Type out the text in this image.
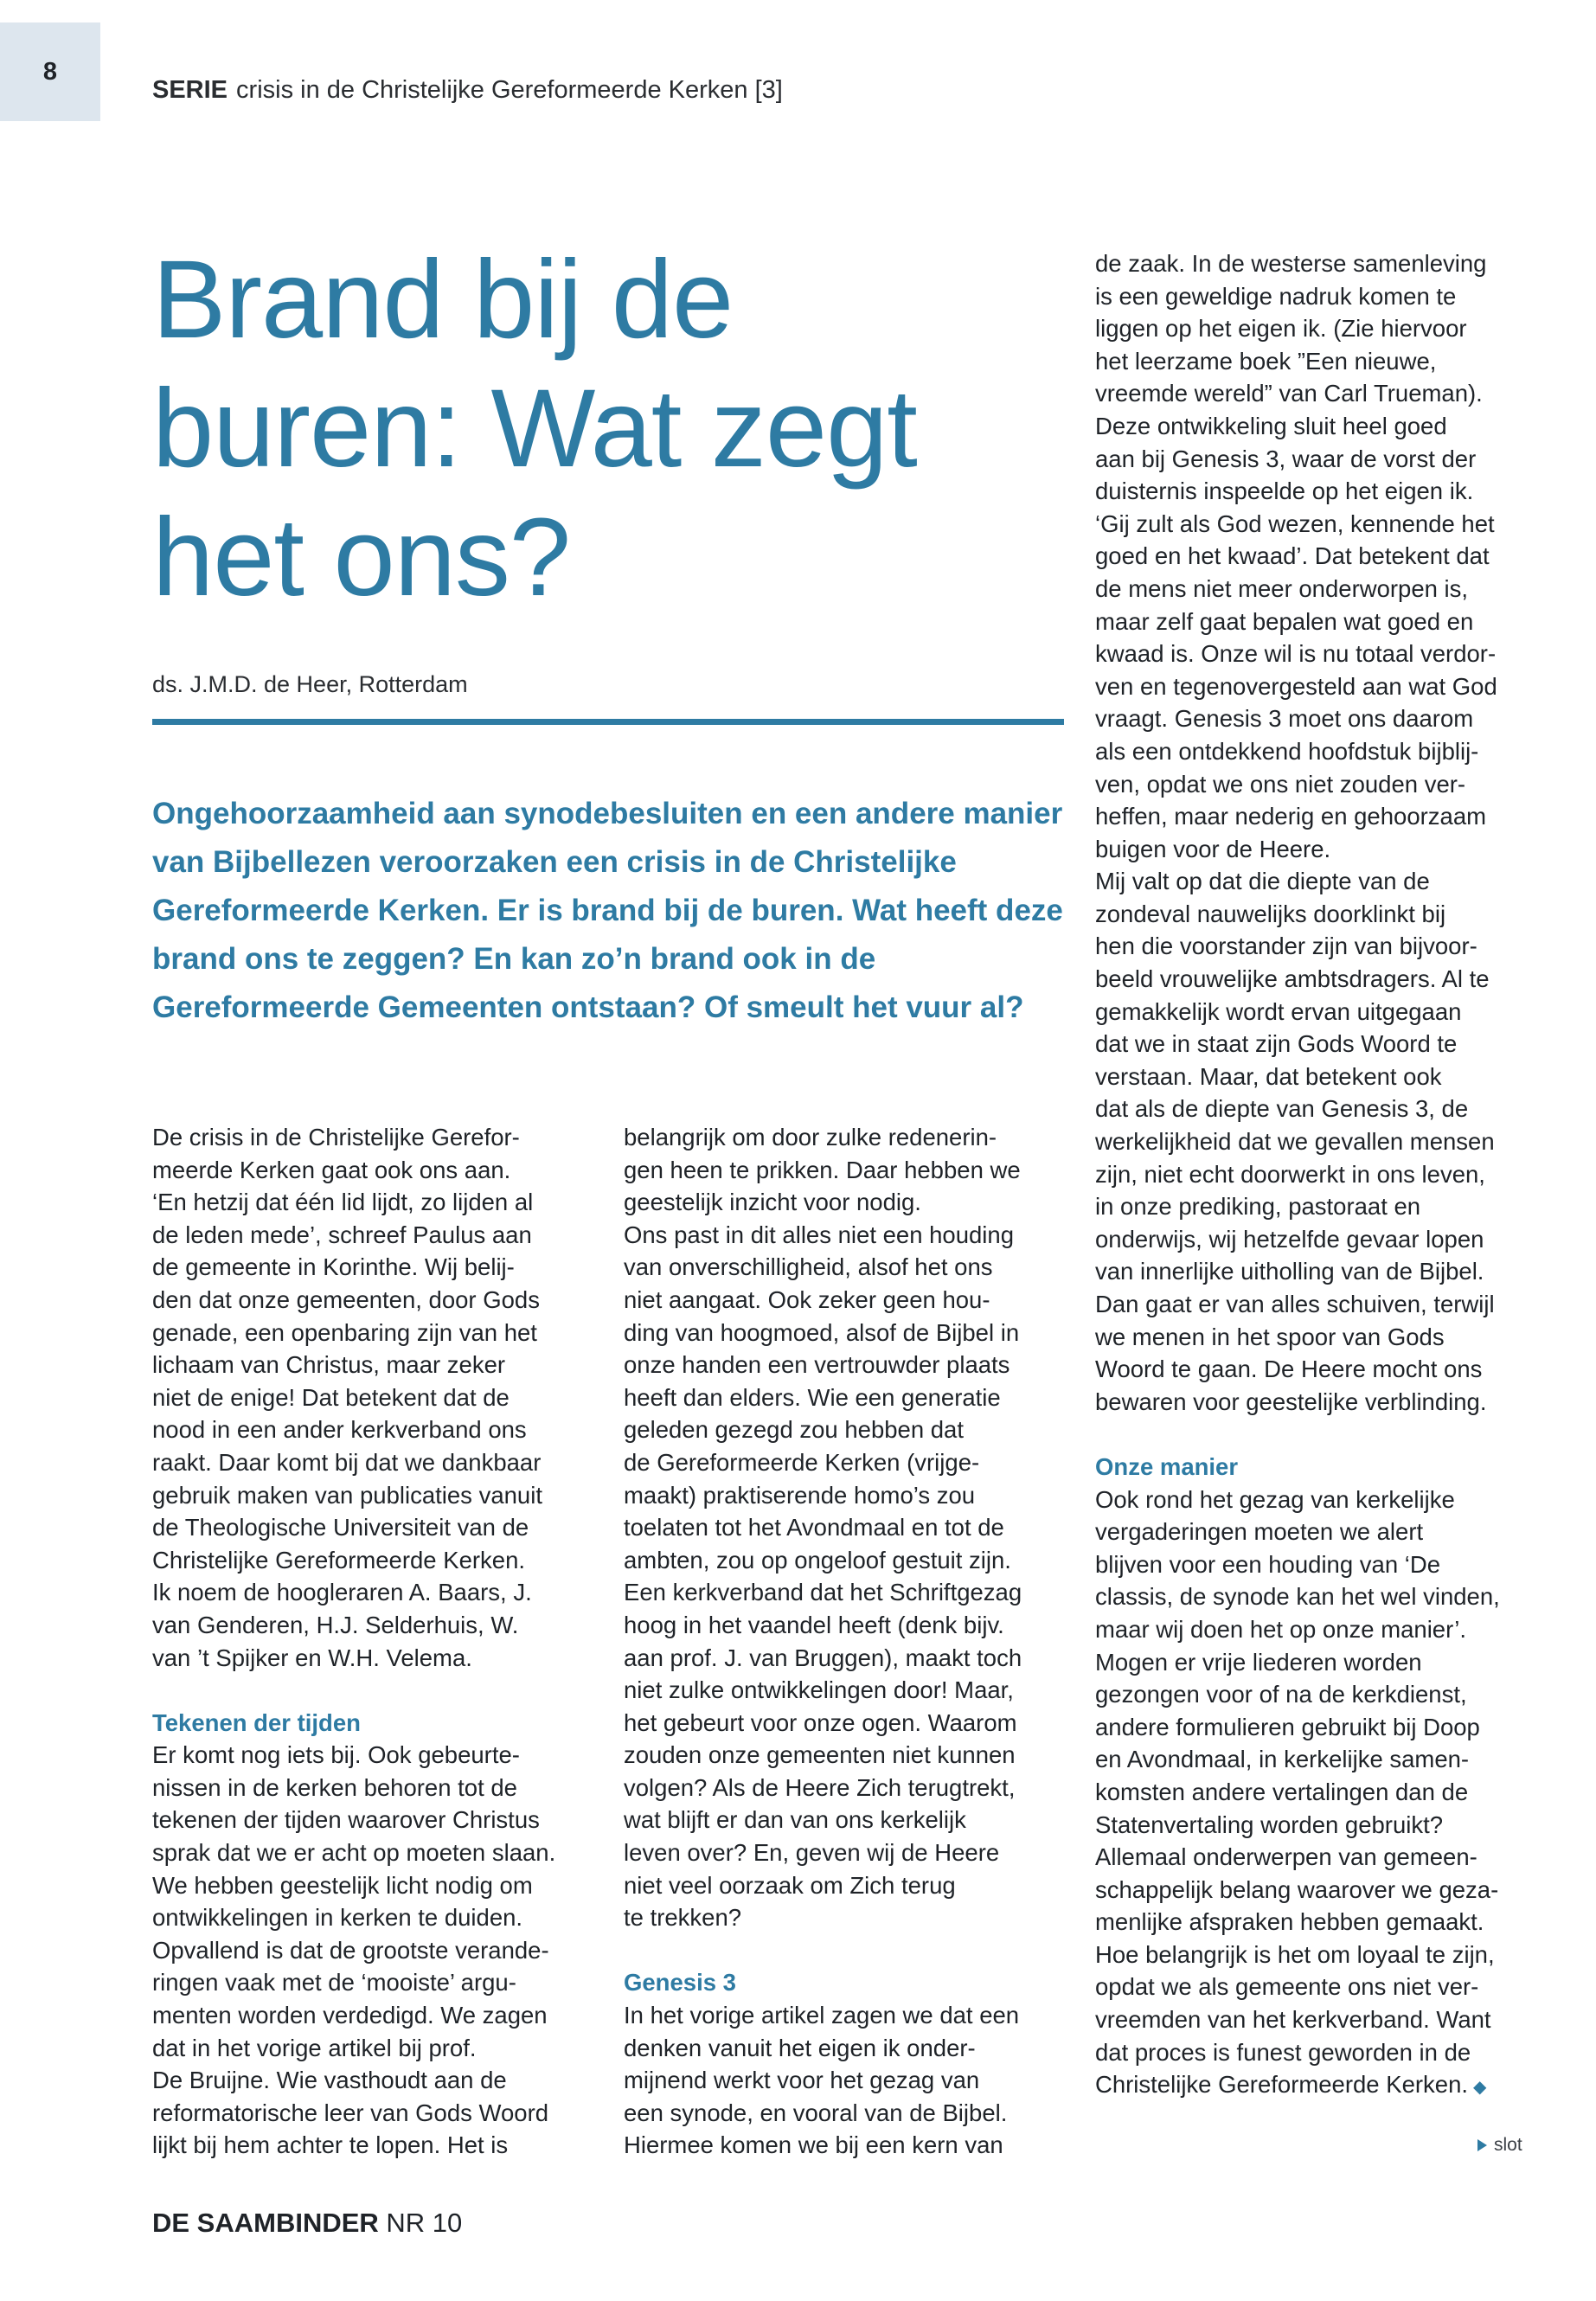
8
SERIE crisis in de Christelijke Gereformeerde Kerken [3]
Brand bij de buren: Wat zegt het ons?
ds. J.M.D. de Heer, Rotterdam

Ongehoorzaamheid aan synodebesluiten en een andere manier van Bijbellezen veroorzaken een crisis in de Christelijke Gereformeerde Kerken. Er is brand bij de buren. Wat heeft deze brand ons te zeggen? En kan zo’n brand ook in de Gereformeerde Gemeenten ontstaan? Of smeult het vuur al?

De crisis in de Christelijke Gerefor-
meerde Kerken gaat ook ons aan.
‘En hetzij dat één lid lijdt, zo lijden al
de leden mede’, schreef Paulus aan
de gemeente in Korinthe. Wij belij-
den dat onze gemeenten, door Gods
genade, een openbaring zijn van het
lichaam van Christus, maar zeker
niet de enige! Dat betekent dat de
nood in een ander kerkverband ons
raakt. Daar komt bij dat we dankbaar
gebruik maken van publicaties vanuit
de Theologische Universiteit van de
Christelijke Gereformeerde Kerken.
Ik noem de hoogleraren A. Baars, J.
van Genderen, H.J. Selderhuis, W.
van ’t Spijker en W.H. Velema.

Tekenen der tijden

Er komt nog iets bij. Ook gebeurte-
nissen in de kerken behoren tot de
tekenen der tijden waarover Christus
sprak dat we er acht op moeten slaan.
We hebben geestelijk licht nodig om
ontwikkelingen in kerken te duiden.
Opvallend is dat de grootste verande-
ringen vaak met de ‘mooiste’ argu-
menten worden verdedigd. We zagen
dat in het vorige artikel bij prof.
De Bruijne. Wie vasthoudt aan de
reformatorische leer van Gods Woord
lijkt bij hem achter te lopen. Het is

belangrijk om door zulke redenerin-
gen heen te prikken. Daar hebben we
geestelijk inzicht voor nodig.
Ons past in dit alles niet een houding
van onverschilligheid, alsof het ons
niet aangaat. Ook zeker geen hou-
ding van hoogmoed, alsof de Bijbel in
onze handen een vertrouwder plaats
heeft dan elders. Wie een generatie
geleden gezegd zou hebben dat
de Gereformeerde Kerken (vrijge-
maakt) praktiserende homo’s zou
toelaten tot het Avondmaal en tot de
ambten, zou op ongeloof gestuit zijn.
Een kerkverband dat het Schriftgezag
hoog in het vaandel heeft (denk bijv.
aan prof. J. van Bruggen), maakt toch
niet zulke ontwikkelingen door! Maar,
het gebeurt voor onze ogen. Waarom
zouden onze gemeenten niet kunnen
volgen? Als de Heere Zich terugtrekt,
wat blijft er dan van ons kerkelijk
leven over? En, geven wij de Heere
niet veel oorzaak om Zich terug
te trekken?

Genesis 3

In het vorige artikel zagen we dat een
denken vanuit het eigen ik onder-
mijnend werkt voor het gezag van
een synode, en vooral van de Bijbel.
Hiermee komen we bij een kern van

de zaak. In de westerse samenleving
is een geweldige nadruk komen te
liggen op het eigen ik. (Zie hiervoor
het leerzame boek ”Een nieuwe,
vreemde wereld” van Carl Trueman).
Deze ontwikkeling sluit heel goed
aan bij Genesis 3, waar de vorst der
duisternis inspeelde op het eigen ik.
‘Gij zult als God wezen, kennende het
goed en het kwaad’. Dat betekent dat
de mens niet meer onderworpen is,
maar zelf gaat bepalen wat goed en
kwaad is. Onze wil is nu totaal verdor-
ven en tegenovergesteld aan wat God
vraagt. Genesis 3 moet ons daarom
als een ontdekkend hoofdstuk bijblij-
ven, opdat we ons niet zouden ver-
heffen, maar nederig en gehoorzaam
buigen voor de Heere.
Mij valt op dat die diepte van de
zondeval nauwelijks doorklinkt bij
hen die voorstander zijn van bijvoor-
beeld vrouwelijke ambtsdragers. Al te
gemakkelijk wordt ervan uitgegaan
dat we in staat zijn Gods Woord te
verstaan. Maar, dat betekent ook
dat als de diepte van Genesis 3, de
werkelijkheid dat we gevallen mensen
zijn, niet echt doorwerkt in ons leven,
in onze prediking, pastoraat en
onderwijs, wij hetzelfde gevaar lopen
van innerlijke uitholling van de Bijbel.
Dan gaat er van alles schuiven, terwijl
we menen in het spoor van Gods
Woord te gaan. De Heere mocht ons
bewaren voor geestelijke verblinding.

Onze manier

Ook rond het gezag van kerkelijke
vergaderingen moeten we alert
blijven voor een houding van ‘De
classis, de synode kan het wel vinden,
maar wij doen het op onze manier’.
Mogen er vrije liederen worden
gezongen voor of na de kerkdienst,
andere formulieren gebruikt bij Doop
en Avondmaal, in kerkelijke samen-
komsten andere vertalingen dan de
Statenvertaling worden gebruikt?
Allemaal onderwerpen van gemeen-
schappelijk belang waarover we geza-
menlijke afspraken hebben gemaakt.
Hoe belangrijk is het om loyaal te zijn,
opdat we als gemeente ons niet ver-
vreemden van het kerkverband. Want
dat proces is funest geworden in de
Christelijke Gereformeerde Kerken. ◆

slot
DE SAAMBINDER NR 10
